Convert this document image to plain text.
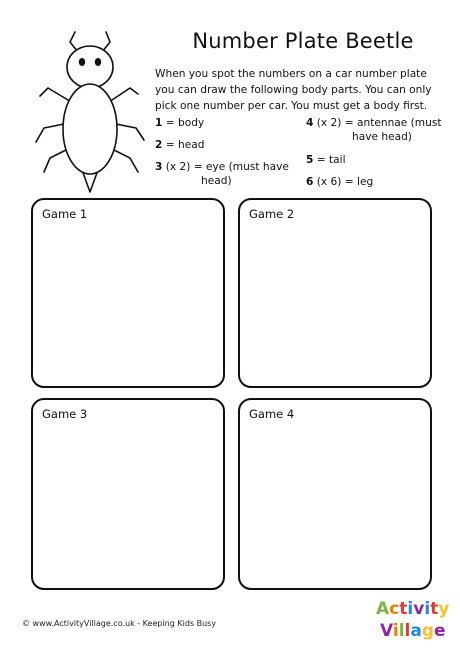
Number Plate Beetle
When you spot the numbers on a car number plate you can draw the following body parts. You can only pick one number per car. You must get a body first.
1 = body
2 = head
3 (x 2) = eye (must have
head)
4 (x 2) = antennae (must
have head)
5 = tail
6 (x 6) = leg
Game 1	Game 2
Game 3	Game 4
© www.ActivityVillage.co.uk - Keeping Kids Busy
Activity
Village
